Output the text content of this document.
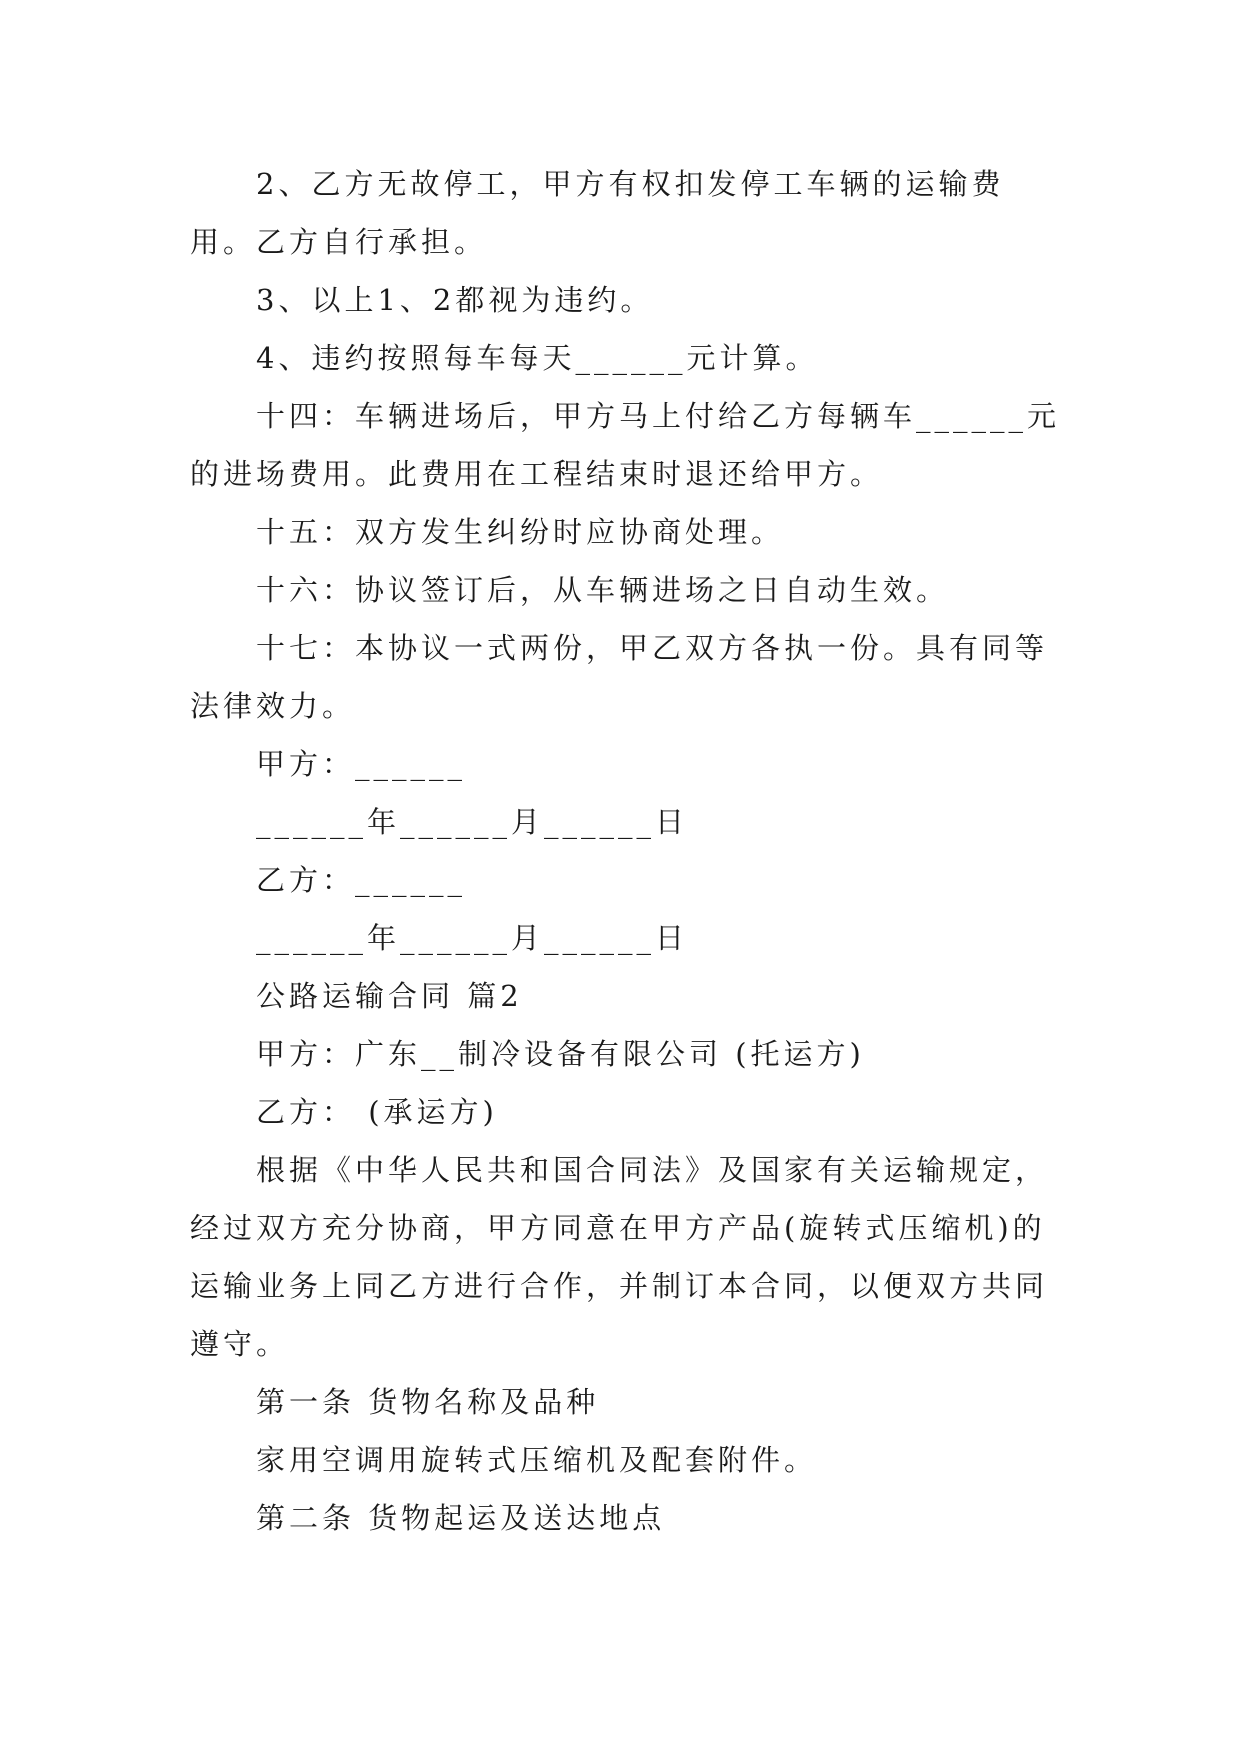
2、乙方无故停工，甲方有权扣发停工车辆的运输费用。乙方自行承担。

3、以上1、2都视为违约。

4、违约按照每车每天______元计算。

十四：车辆进场后，甲方马上付给乙方每辆车______元的进场费用。此费用在工程结束时退还给甲方。

十五：双方发生纠纷时应协商处理。

十六：协议签订后，从车辆进场之日自动生效。

十七：本协议一式两份，甲乙双方各执一份。具有同等法律效力。

甲方：______

______年______月______日

乙方：______

______年______月______日

公路运输合同 篇2

甲方：广东__制冷设备有限公司 (托运方)

乙方： (承运方)

根据《中华人民共和国合同法》及国家有关运输规定，经过双方充分协商，甲方同意在甲方产品(旋转式压缩机)的运输业务上同乙方进行合作，并制订本合同，以便双方共同遵守。

第一条 货物名称及品种

家用空调用旋转式压缩机及配套附件。

第二条 货物起运及送达地点
